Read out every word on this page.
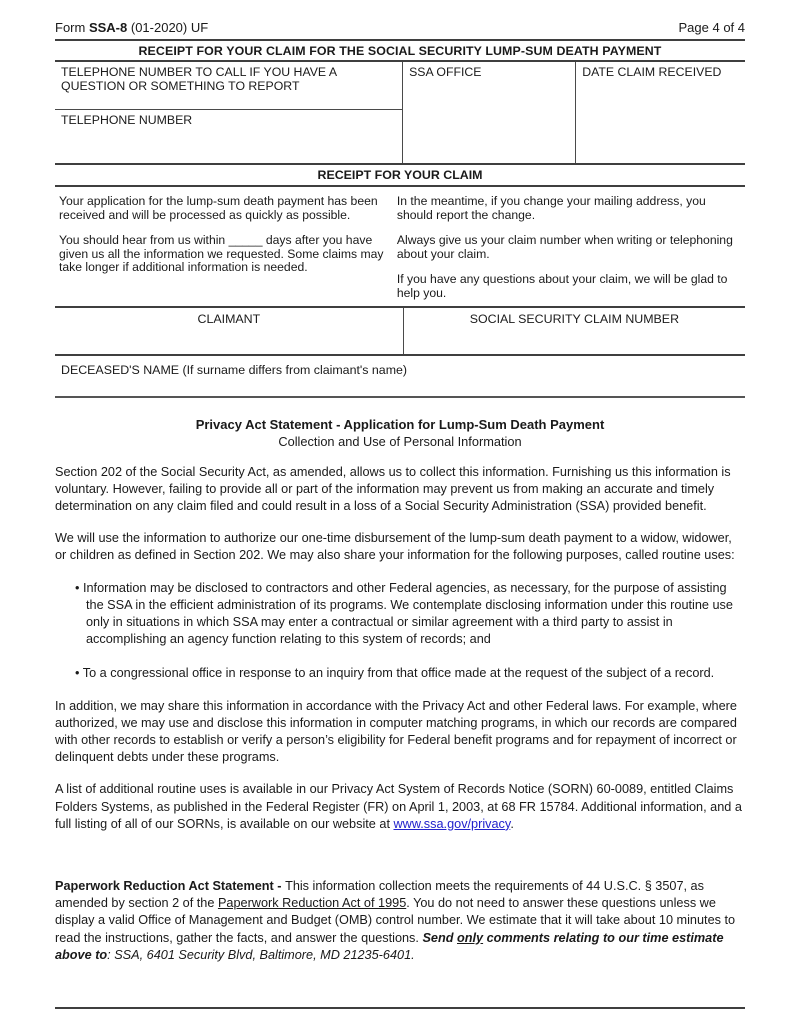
Form SSA-8 (01-2020) UF	Page 4 of 4
RECEIPT FOR YOUR CLAIM FOR THE SOCIAL SECURITY LUMP-SUM DEATH PAYMENT
TELEPHONE NUMBER TO CALL IF YOU HAVE A QUESTION OR SOMETHING TO REPORT
TELEPHONE NUMBER
SSA OFFICE	DATE CLAIM RECEIVED
RECEIPT FOR YOUR CLAIM

Your application for the lump-sum death payment has been received and will be processed as quickly as possible.

You should hear from us within _____ days after you have given us all the information we requested. Some claims may take longer if additional information is needed.

In the meantime, if you change your mailing address, you should report the change.

Always give us your claim number when writing or telephoning about your claim.

If you have any questions about your claim, we will be glad to help you.

CLAIMANT	SOCIAL SECURITY CLAIM NUMBER
DECEASED'S NAME (If surname differs from claimant's name)
Privacy Act Statement - Application for Lump-Sum Death Payment
Collection and Use of Personal Information

Section 202 of the Social Security Act, as amended, allows us to collect this information. Furnishing us this information is voluntary. However, failing to provide all or part of the information may prevent us from making an accurate and timely determination on any claim filed and could result in a loss of a Social Security Administration (SSA) provided benefit.

We will use the information to authorize our one-time disbursement of the lump-sum death payment to a widow, widower, or children as defined in Section 202. We may also share your information for the following purposes, called routine uses:

• Information may be disclosed to contractors and other Federal agencies, as necessary, for the purpose of assisting the SSA in the efficient administration of its programs. We contemplate disclosing information under this routine use only in situations in which SSA may enter a contractual or similar agreement with a third party to assist in accomplishing an agency function relating to this system of records; and
• To a congressional office in response to an inquiry from that office made at the request of the subject of a record.

In addition, we may share this information in accordance with the Privacy Act and other Federal laws. For example, where authorized, we may use and disclose this information in computer matching programs, in which our records are compared with other records to establish or verify a person’s eligibility for Federal benefit programs and for repayment of incorrect or delinquent debts under these programs.

A list of additional routine uses is available in our Privacy Act System of Records Notice (SORN) 60-0089, entitled Claims Folders Systems, as published in the Federal Register (FR) on April 1, 2003, at 68 FR 15784. Additional information, and a full listing of all of our SORNs, is available on our website at www.ssa.gov/privacy.

Paperwork Reduction Act Statement - This information collection meets the requirements of 44 U.S.C. § 3507, as amended by section 2 of the Paperwork Reduction Act of 1995. You do not need to answer these questions unless we display a valid Office of Management and Budget (OMB) control number. We estimate that it will take about 10 minutes to read the instructions, gather the facts, and answer the questions. Send only comments relating to our time estimate above to: SSA, 6401 Security Blvd, Baltimore, MD 21235-6401.
